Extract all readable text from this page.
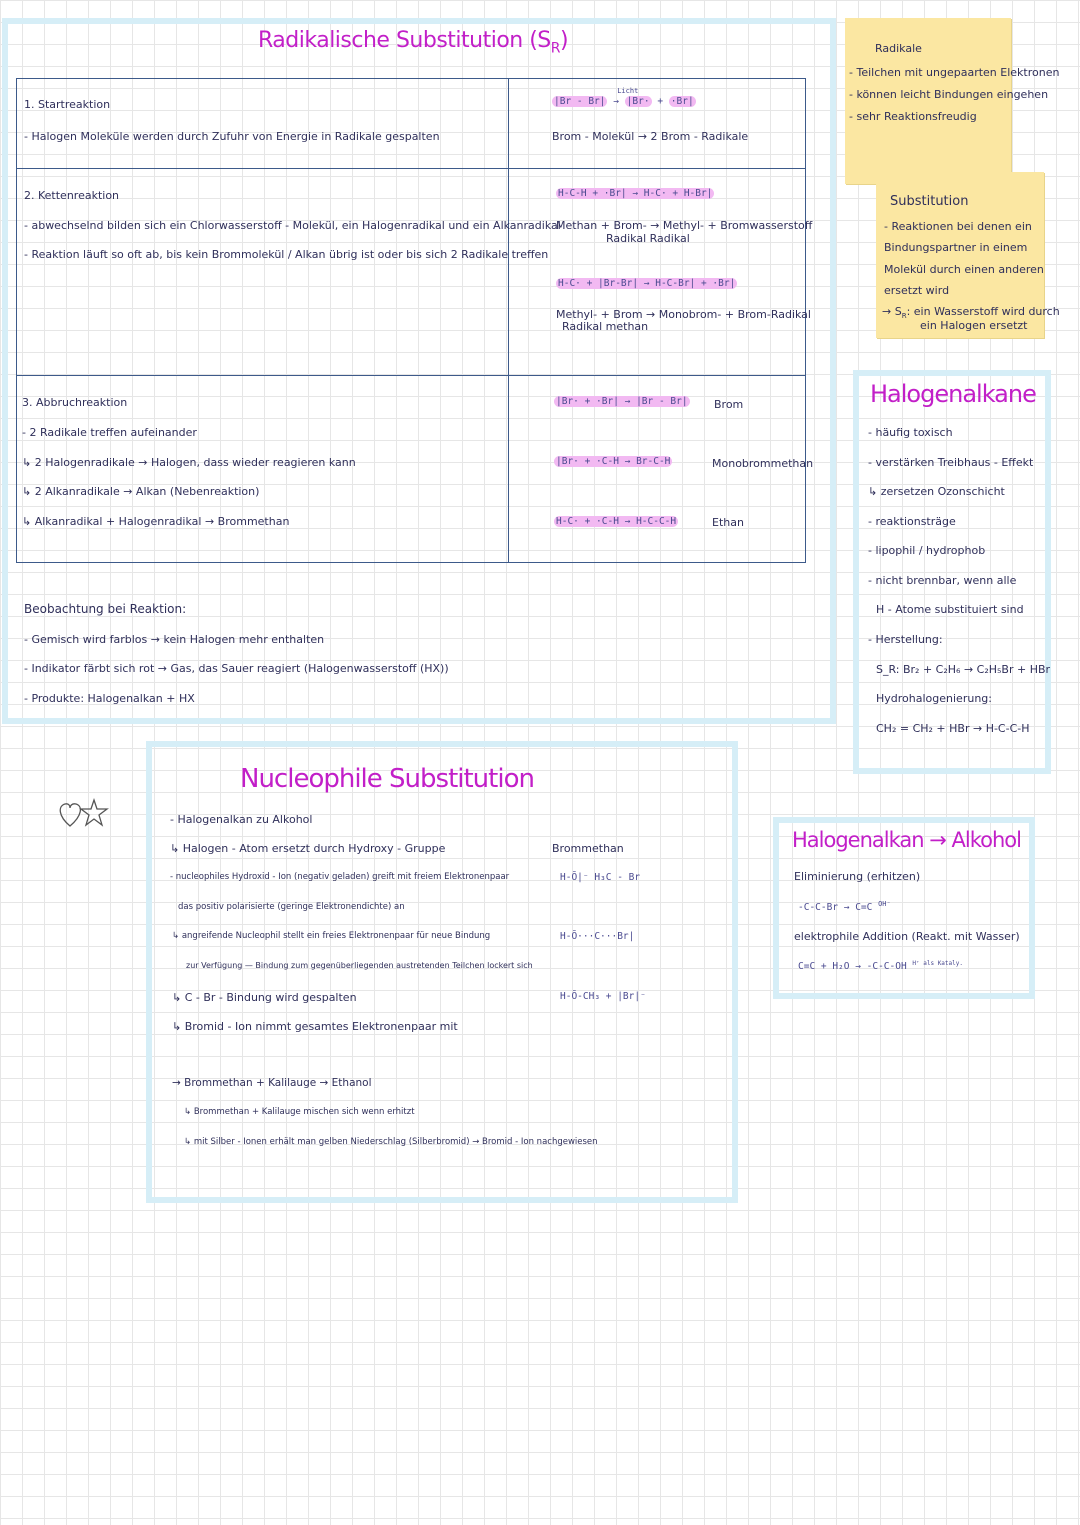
Radikalische Substitution $(S_R)$
1. Startreaktion
- Halogen Moleküle werden durch Zufuhr von Energie in Radikale gespalten
|Br - Br|
Licht
→ |Br· + ·Br|
Brom - Molekül → 2 Brom - Radikale
2. Kettenreaktion
- abwechselnd bilden sich ein Chlorwasserstoff - Molekül, ein Halogenradikal und ein Alkanradikal
- Reaktion läuft so oft ab, bis kein Brommolekül / Alkan übrig ist oder bis sich 2 Radikale treffen
H-C-H + ·Br| → H-C· + H-Br|
Methan + Brom- → Methyl- + Bromwasserstoff
Radikal Radikal
H-C· + |Br-Br| → H-C-Br| + ·Br|
Methyl- + Brom → Monobrom- + Brom-Radikal
Radikal methan
3. Abbruchreaktion
- 2 Radikale treffen aufeinander
↳ 2 Halogenradikale → Halogen, dass wieder reagieren kann
↳ 2 Alkanradikale → Alkan (Nebenreaktion)
↳ Alkanradikal + Halogenradikal → Brommethan
|Br· + ·Br| → |Br - Br| Brom
|Br· + ·C-H → Br-C-H	Monobrommethan
H-C· + ·C-H → H-C-C-H	Ethan
Beobachtung bei Reaktion:
- Gemisch wird farblos → kein Halogen mehr enthalten
- Indikator färbt sich rot → Gas, das Sauer reagiert (Halogenwasserstoff (HX))
- Produkte: Halogenalkan + HX
Radikale
- Teilchen mit ungepaarten Elektronen
- können leicht Bindungen eingehen
- sehr Reaktionsfreudig
Substitution
- Reaktionen bei denen ein
Bindungspartner in einem
Molekül durch einen anderen
ersetzt wird
→ $S_R$: ein Wasserstoff wird durch
ein Halogen ersetzt
Halogenalkane
- häufig toxisch
- verstärken Treibhaus - Effekt
↳ zersetzen Ozonschicht
- reaktionsträge
- lipophil / hydrophob
- nicht brennbar, wenn alle
H - Atome substituiert sind
- Herstellung:
S_R: Br₂ + C₂H₆ → C₂H₅Br + HBr
Hydrohalogenierung:
CH₂ = CH₂ + HBr → H-C-C-H
Nucleophile Substitution
- Halogenalkan zu Alkohol
↳ Halogen - Atom ersetzt durch Hydroxy - Gruppe
- nucleophiles Hydroxid - Ion (negativ geladen) greift mit freiem Elektronenpaar
das positiv polarisierte (geringe Elektronendichte) an
↳ angreifende Nucleophil stellt ein freies Elektronenpaar für neue Bindung
zur Verfügung — Bindung zum gegenüberliegenden austretenden Teilchen lockert sich
↳ C - Br - Bindung wird gespalten
↳ Bromid - Ion nimmt gesamtes Elektronenpaar mit
Brommethan
H-Ō|⁻ H₃C - Br
H-Ō···C···Br|
H-Ō-CH₃ + |Br|⁻
→ Brommethan + Kalilauge → Ethanol
↳ Brommethan + Kalilauge mischen sich wenn erhitzt
↳ mit Silber - Ionen erhält man gelben Niederschlag (Silberbromid) → Bromid - Ion nachgewiesen
Halogenalkan → Alkohol
Eliminierung (erhitzen)
-C-C-Br → C=C $^{OH^-}$
elektrophile Addition (Reakt. mit Wasser)
C=C + H₂O → -C-C-OH $^{H^+ als Kataly.}$
